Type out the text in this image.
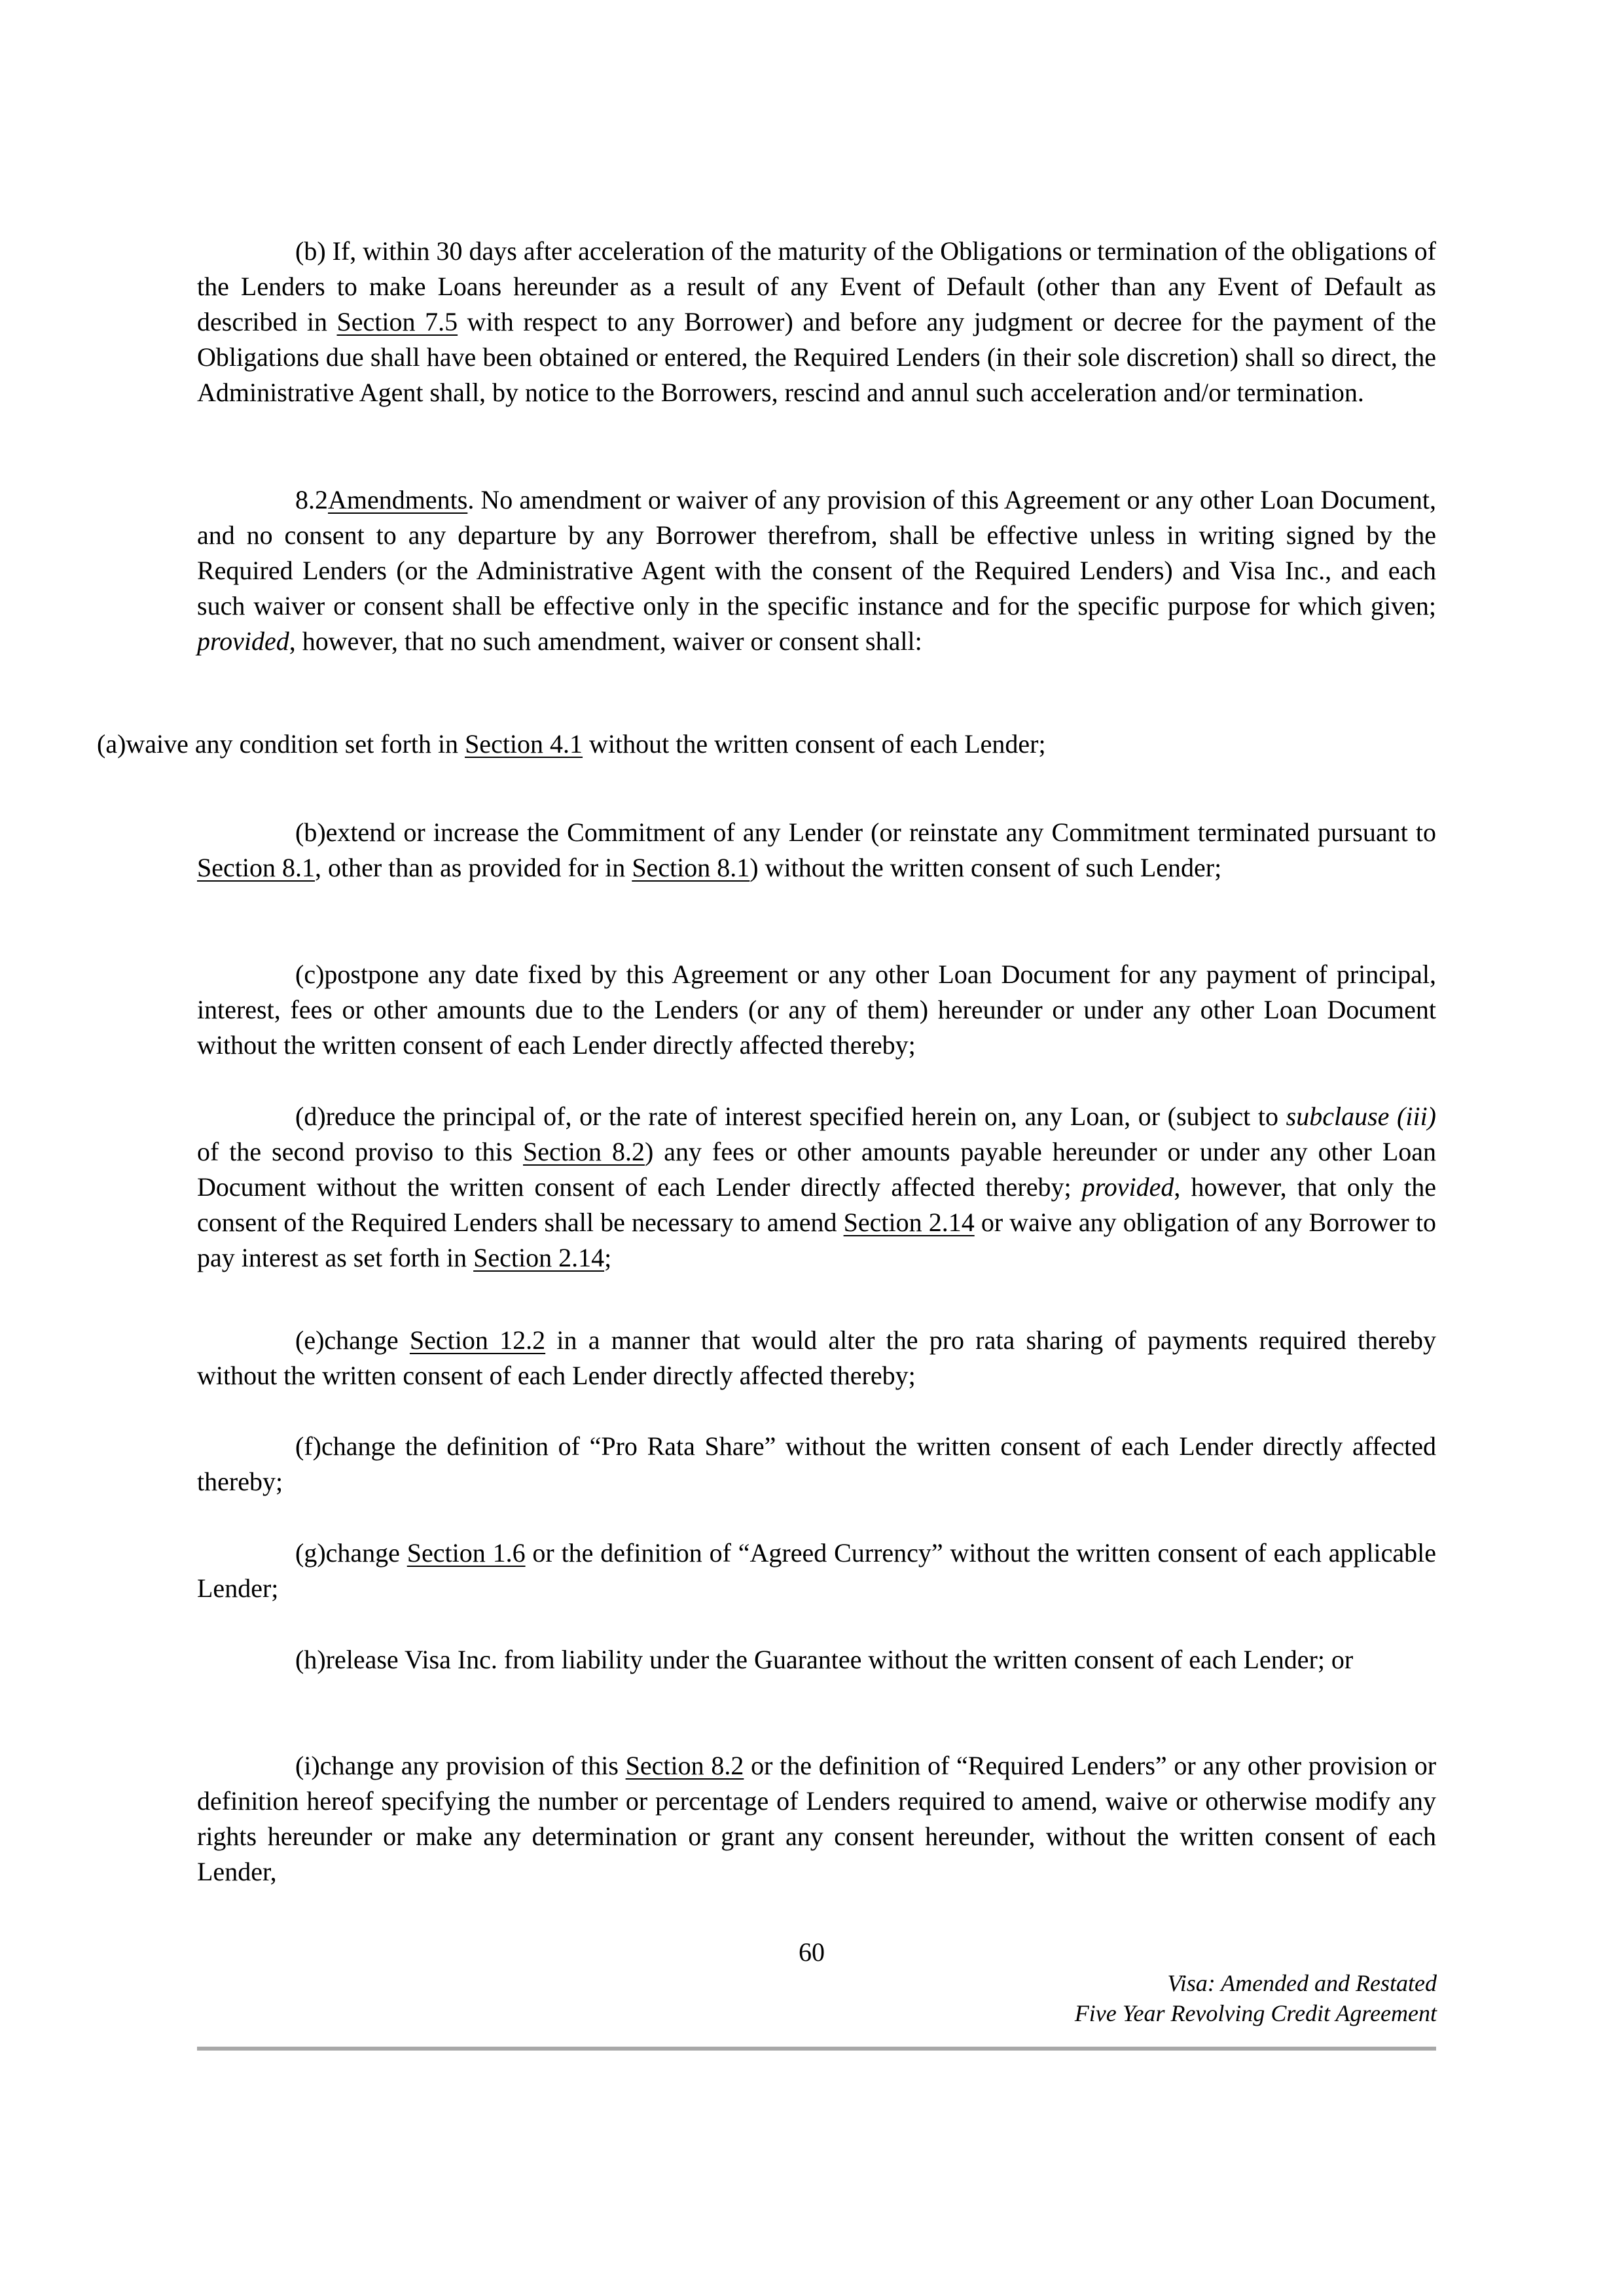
(b) If, within 30 days after acceleration of the maturity of the Obligations or termination of the obligations of the Lenders to make Loans hereunder as a result of any Event of Default (other than any Event of Default as described in Section 7.5 with respect to any Borrower) and before any judgment or decree for the payment of the Obligations due shall have been obtained or entered, the Required Lenders (in their sole discretion) shall so direct, the Administrative Agent shall, by notice to the Borrowers, rescind and annul such acceleration and/or termination.

8.2Amendments. No amendment or waiver of any provision of this Agreement or any other Loan Document, and no consent to any departure by any Borrower therefrom, shall be effective unless in writing signed by the Required Lenders (or the Administrative Agent with the consent of the Required Lenders) and Visa Inc., and each such waiver or consent shall be effective only in the specific instance and for the specific purpose for which given; provided, however, that no such amendment, waiver or consent shall:

(a)waive any condition set forth in Section 4.1 without the written consent of each Lender;

(b)extend or increase the Commitment of any Lender (or reinstate any Commitment terminated pursuant to Section 8.1, other than as provided for in Section 8.1) without the written consent of such Lender;

(c)postpone any date fixed by this Agreement or any other Loan Document for any payment of principal, interest, fees or other amounts due to the Lenders (or any of them) hereunder or under any other Loan Document without the written consent of each Lender directly affected thereby;

(d)reduce the principal of, or the rate of interest specified herein on, any Loan, or (subject to subclause (iii) of the second proviso to this Section 8.2) any fees or other amounts payable hereunder or under any other Loan Document without the written consent of each Lender directly affected thereby; provided, however, that only the consent of the Required Lenders shall be necessary to amend Section 2.14 or waive any obligation of any Borrower to pay interest as set forth in Section 2.14;

(e)change Section 12.2 in a manner that would alter the pro rata sharing of payments required thereby without the written consent of each Lender directly affected thereby;

(f)change the definition of “Pro Rata Share” without the written consent of each Lender directly affected thereby;

(g)change Section 1.6 or the definition of “Agreed Currency” without the written consent of each applicable Lender;

(h)release Visa Inc. from liability under the Guarantee without the written consent of each Lender; or

(i)change any provision of this Section 8.2 or the definition of “Required Lenders” or any other provision or definition hereof specifying the number or percentage of Lenders required to amend, waive or otherwise modify any rights hereunder or make any determination or grant any consent hereunder, without the written consent of each Lender,

60
Visa: Amended and Restated
Five Year Revolving Credit Agreement
